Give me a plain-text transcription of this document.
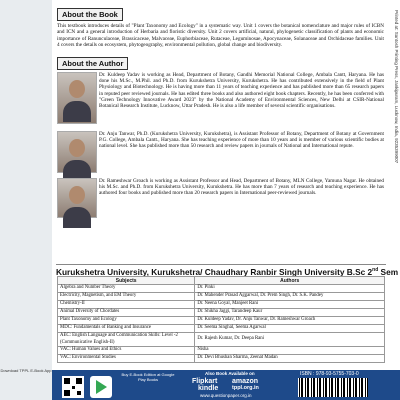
About the Book
This textbook introduces details of "Plant Taxonomy and Ecology" in a systematic way. Unit 1 covers the botanical nomenclature and major rules of ICBN and ICN and a general introduction of Herbaria and floristic diversity. Unit 2 covers artificial, natural, phylogenetic classification of plants and economic importance of Ranunculaceae, Brassicaceae, Malvaceae, Euphorbiaceae, Rutaceae, Leguminosae, Apocynaceae, Solanaceae and Orchidaceae families. Unit 4 covers the details on ecosystem, phytogeography, environmental pollution, global change and biodiversity.
About the Author
Dr. Kuldeep Yadav is working as Head, Department of Botany, Gandhi Memorial National College, Ambala Cantt, Haryana. He has done his M.Sc., M.Phil. and Ph.D. from Kurukshetra University, Kurukshetra. He has contributed extensively in the field of Plant Physiology and Biotechnology. He is having more than 11 years of teaching experience and has published more than 65 research papers in reputed peer reviewed journals. He has edited three books and also authored eight book chapters. Recently, he has been conferred with "Green Technology Innovative Award 2023" by the National Academy of Environmental Sciences, New Delhi at CSIR-National Botanical Research Institute, Lucknow, Uttar Pradesh. He is also a life member of several scientific organisations.
Dr. Anju Tanwar, Ph.D. (Kurukshetra University, Kurukshetra), is Assistant Professor of Botany, Department of Botany at Government P.G. College, Ambala Cantt., Haryana. She has teaching experience of more than 10 years and is member of various scientific bodies at national level. She has published more than 50 research and review papers in journals of National and International repute.
Dr. Rameshwar Groach is working as Assistant Professor and Head, Department of Botany, MLN College, Yamuna Nagar. He obtained his M.Sc. and Ph.D. from Kurukshetra University, Kurukshetra. He has more than 7 years of research and teaching experience. He has authored four books and published more than 20 research papers in International peer-reviewed journals.
Printed at: Santosh Printing Press, Jankipuram, Lucknow, India, 9235399007
Kurukshetra University, Kurukshetra/ Chaudhary Ranbir Singh University B.Sc 2nd Sem
Subjects	Authors
Algebra and Number Theory	Dr. Pinki
Electricity, Magnetism, and EM Theory	Dr. Mahender Prasad Aggarwal, Dr. Prem Singh, Dr. S.K. Pandey
Chemistry-II	Dr. Neena Goyal, Manjeet Rani
Animal Diversity of Chordates	Dr. Shikha Jaggi, Tarandeep Kaur
Plant Taxonomy and Ecology	Dr. Kuldeep Yadav, Dr. Anju Tanwar, Dr. Rameshwar Groach
MDC: Fundamentals of Banking and Insurance	Dr. Seema Singhal, Seema Agarwal
AEC: English Language and Communication Skills: Level -2 (Communicative English-II)	Dr. Rajesh Kumar, Dr. Deepa Rani
VAC: Human Values and Ethics	Nisha
VAC: Environmental Studies	Dr. Devi Bhushan Sharma, Zeenat Madan
Download TPPL E-Book App
Buy E-Book Edition at Google Play Books
Also Book Available on
Flipkart amazon
kindle	tppl.org.in
www.questionpaper.org.in
ISBN : 978-93-5755-703-0
